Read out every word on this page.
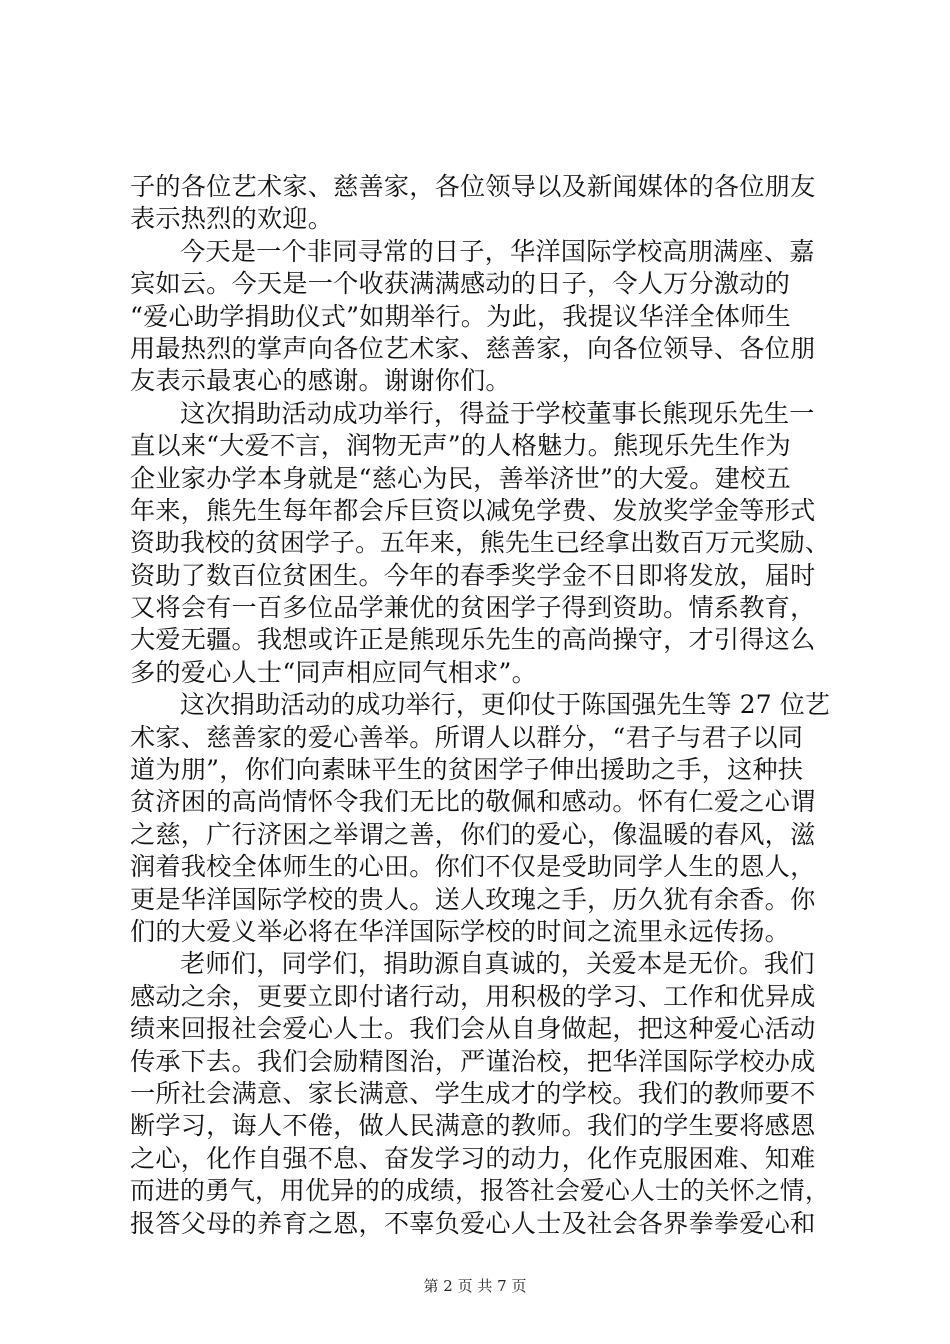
子的各位艺术家、慈善家，各位领导以及新闻媒体的各位朋友
表示热烈的欢迎。
今天是一个非同寻常的日子，华洋国际学校高朋满座、嘉
宾如云。今天是一个收获满满感动的日子，令人万分激动的
“爱心助学捐助仪式”如期举行。为此，我提议华洋全体师生
用最热烈的掌声向各位艺术家、慈善家，向各位领导、各位朋
友表示最衷心的感谢。谢谢你们。
这次捐助活动成功举行，得益于学校董事长熊现乐先生一
直以来“大爱不言，润物无声”的人格魅力。熊现乐先生作为
企业家办学本身就是“慈心为民，善举济世”的大爱。建校五
年来，熊先生每年都会斥巨资以减免学费、发放奖学金等形式
资助我校的贫困学子。五年来，熊先生已经拿出数百万元奖励、
资助了数百位贫困生。今年的春季奖学金不日即将发放，届时
又将会有一百多位品学兼优的贫困学子得到资助。情系教育，
大爱无疆。我想或许正是熊现乐先生的高尚操守，才引得这么
多的爱心人士“同声相应同气相求”。
这次捐助活动的成功举行，更仰仗于陈国强先生等 27 位艺
术家、慈善家的爱心善举。所谓人以群分，“君子与君子以同
道为朋”，你们向素昧平生的贫困学子伸出援助之手，这种扶
贫济困的高尚情怀令我们无比的敬佩和感动。怀有仁爱之心谓
之慈，广行济困之举谓之善，你们的爱心，像温暖的春风，滋
润着我校全体师生的心田。你们不仅是受助同学人生的恩人，
更是华洋国际学校的贵人。送人玫瑰之手，历久犹有余香。你
们的大爱义举必将在华洋国际学校的时间之流里永远传扬。
老师们，同学们，捐助源自真诚的，关爱本是无价。我们
感动之余，更要立即付诸行动，用积极的学习、工作和优异成
绩来回报社会爱心人士。我们会从自身做起，把这种爱心活动
传承下去。我们会励精图治，严谨治校，把华洋国际学校办成
一所社会满意、家长满意、学生成才的学校。我们的教师要不
断学习，诲人不倦，做人民满意的教师。我们的学生要将感恩
之心，化作自强不息、奋发学习的动力，化作克服困难、知难
而进的勇气，用优异的的成绩，报答社会爱心人士的关怀之情，
报答父母的养育之恩，不辜负爱心人士及社会各界拳拳爱心和
第 2 页 共 7 页
